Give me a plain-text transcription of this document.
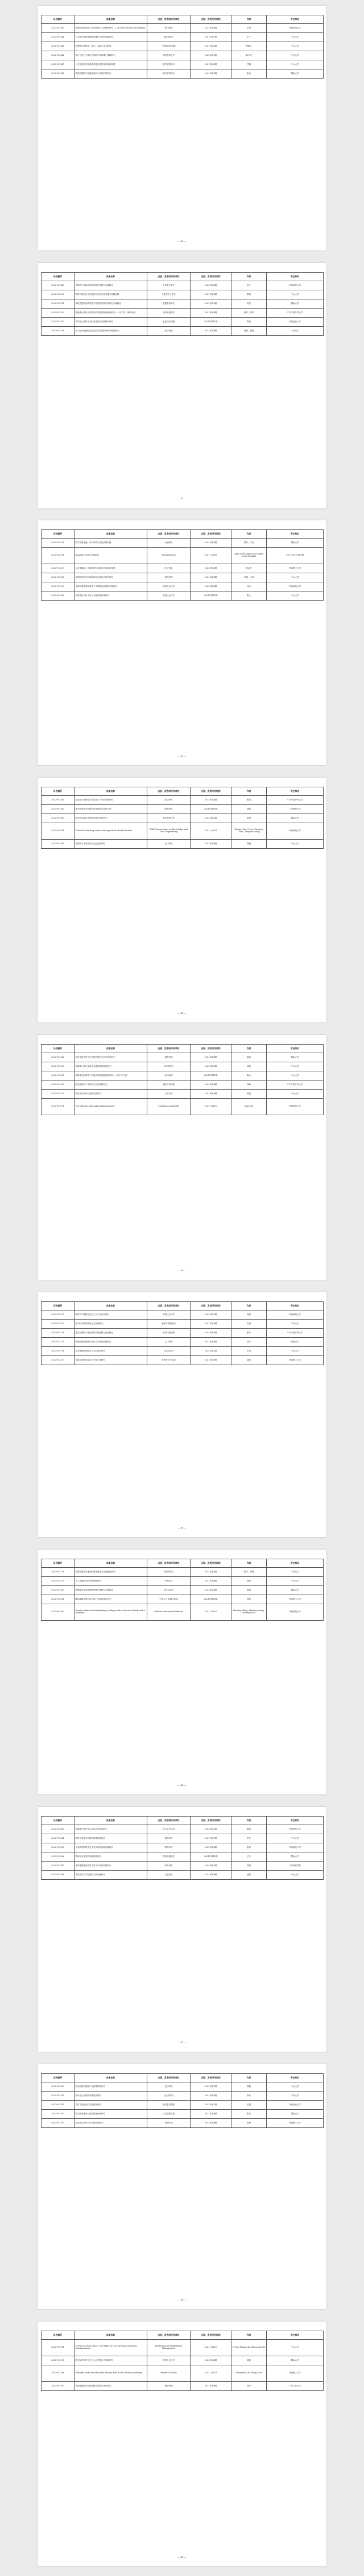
证书编号	成果名称	出版、发表或采用单位	出版、发表采用时间	作者	所在单位
2023-R-1343	我国原国家出版工作的演进与本质特征研究——基于历史学和社会学的双重视角	现代情报	2021年第4期	王珍	华南师范大学
2023-R-1344	公共图书馆资源配置均衡化与服务效能研究	图书馆论坛	2021年第7期	王宁	中山大学
2023-R-1345	智慧图书馆建设：理念、实践与未来展望	中国图书馆学报	2021年第3期	程焕文	中山大学
2023-R-1346	用户信息行为视角下的数字阅读推广策略研究	情报资料工作	2022年第1期	陈少华	广州大学
2023-R-1347	公共文化服务体系高质量发展的评价指标构建	图书情报知识	2021年第5期	甘露	中山大学
2023-R-1348	我国古籍数字化建设现状与发展对策研究	图书馆学研究	2021年第2期	张伟	暨南大学
— 40 —
证书编号	成果名称	出版、发表或采用单位	出版、发表采用时间	作者	所在单位
2023-R-1349	中国共产党政治建设的理论逻辑与实践路径	中共党史研究	2022年第3期	李立	华南师范大学
2023-R-1350	新时代基层社会治理现代化的价值意蕴与实践进路	马克思主义研究	2021年第6期	陈明	中山大学
2023-R-1351	高校思想政治教育数字化转型的现实困境与突破路径	思想教育研究	2022年第2期	刘洪	暨南大学
2023-R-1352	粤港澳大湾区城市群协同发展的制度创新研究——以广州、深圳为例	城市发展研究	2021年第9期	周军，刘芳	广东外语外贸大学
2023-R-1353	乡村振兴战略下农村集体经济发展模式研究	农业经济问题	2021年第11期	陈建	华南农业大学
2023-R-1354	数字经济赋能制造业高质量发展的机制与路径研究	经济管理	2022年第4期	林静，黄磊	广州大学
— 41 —
证书编号	成果名称	出版、发表或采用单位	出版、发表采用时间	作者	所在单位
2023-R-1355	数字普惠金融、收入结构与居民消费升级	金融研究	2021年第7期	郑东，马红	暨南大学
2023-R-1356	Quantile Factor Models	Econometrica	2021, vol.89	Liang Chen, Juan Jose Dolado, Jesus Gonzalo	北京大学汇丰商学院
2023-R-1357	企业家精神、营商环境与区域经济高质量发展	经济学家	2022年第2期	黄志华	华南理工大学
2023-R-1358	中国城市群空间结构演化及其经济效应研究	管理世界	2021年第8期	李强，王丽	中山大学
2023-R-1359	全球价值链重构背景下中国制造业转型升级研究	中国工业经济	2022年第5期	何宏	华南师范大学
2023-R-1360	共同富裕目标下收入分配制度改革研究	中国社会科学	2021年第12期	陈文	中山大学
— 42 —
证书编号	成果名称	出版、发表或采用单位	出版、发表采用时间	作者	所在单位
2023-R-1361	企业数字化转型对全要素生产率的影响研究	经济研究	2022年第3期	张明	广东外语外贸大学
2023-R-1362	地方政府债务风险的形成机理与防范对策	财政研究	2021年第10期	刘刚	广东财经大学
2023-R-1363	数字技术驱动下的商业模式创新研究	南开管理评论	2022年第1期	黄涛	暨南大学
2023-R-1364	Toward Predicting Active Participants in Tweet Streams	IEEE Transactions on Knowledge and Data Engineering	2021, vol.33	Xiaohui Wu, Yi Liu, Tianlong Chen, Zhiyuan Chang	华南师范大学
2023-R-1365	中国资本市场开放与企业创新研究	会计研究	2022年第6期	陈鹏	中山大学
— 43 —
证书编号	成果名称	出版、发表或采用单位	出版、发表采用时间	作者	所在单位
2023-R-1366	城市更新背景下历史街区保护与活化利用研究	城市规划	2021年第6期	谢涛	暨南大学
2023-R-1367	粤港澳大湾区创新生态系统建设路径研究	科学学研究	2022年第2期	杨帆	广州大学
2023-R-1368	高质量发展背景下区域协调发展新机制研究——以广东为例	经济地理	2021年第11期	陈云	中山大学
2023-R-1369	新发展格局下中国对外开放战略研究	国际贸易问题	2022年第4期	林峰	广东外语外贸大学
2023-R-1370	岭南文化传承与创新发展研究	文学评论	2021年第5期	黄艳	中山大学
2023-R-1371	The Chinese Shop and Criminal Justice	Caribbean Quarterly	2021, Vol.67	Jing Sun	华南师范大学
— 44 —
证书编号	成果名称	出版、发表或采用单位	出版、发表采用时间	作者	所在单位
2023-R-1372	新时代中国特色社会主义文化自信研究	中国社会科学	2022年第1期	周强	华南师范大学
2023-R-1373	数字时代网络舆论生态治理研究	新闻与传播研究	2021年第8期	吴勇	广州大学
2023-R-1374	基层治理数字化转型的实践逻辑与优化路径	中国行政管理	2022年第3期	张华	广东外语外贸大学
2023-R-1375	新型城镇化进程中农民工市民化问题研究	人口研究	2021年第4期	刘洋	暨南大学
2023-R-1376	社会保障制度改革与共同富裕研究	社会学研究	2022年第2期	王涛	中山大学
2023-R-1377	全球治理体系变革与中国方案研究	世界经济与政治	2021年第9期	赵刚	华南理工大学
— 45 —
证书编号	成果名称	出版、发表或采用单位	出版、发表采用时间	作者	所在单位
2023-R-1378	我国智慧城市建设的政策演进与实践创新研究	中国软科学	2022年第5期	张伟，李娜	广州大学
2023-R-1379	人工智能时代的法律规制研究	中国法学	2021年第6期	孙强	中山大学
2023-R-1380	数据要素市场化配置的理论逻辑与实践路径	经济学动态	2022年第4期	黄俊	暨南大学
2023-R-1381	碳达峰碳中和目标下的产业结构优化研究	中国人口·资源与环境	2021年第10期	何明	华南理工大学
2023-R-1382	Chinese character handwriting: A large-scale behavioral study and a database	Behavior Research Methods	2021, Vol.53	Ruiming Wang, Shuting Huang, Yacong Zhou	华南师范大学
— 46 —
证书编号	成果名称	出版、发表或采用单位	出版、发表采用时间	作者	所在单位
2023-R-1383	粤港澳大湾区语言生活状况调查研究	语言文字应用	2022年第1期	陈丽	华南师范大学
2023-R-1384	新时代高校劳动教育体系构建研究	教育研究	2021年第7期	李华	广州大学
2023-R-1385	义务教育阶段学生学业负担的影响因素研究	教育研究	2022年第3期	张敏	华南师范大学
2023-R-1386	教师专业发展共同体建设研究	教育发展研究	2021年第12期	王芳	暨南大学
2023-R-1387	体育强国建设背景下青少年体育发展研究	体育科学	2022年第2期	刘强	广州体育学院
2023-R-1388	中国古代文学经典的当代传播研究	文艺研究	2021年第8期	赵静	中山大学
— 47 —
证书编号	成果名称	出版、发表或采用单位	出版、发表采用时间	作者	所在单位
2023-R-1389	新发展阶段我国产业政策转型研究	经济研究	2022年第7期	黄磊	中山大学
2023-R-1390	城市社区治理共同体建设研究	社会学研究	2021年第3期	李伟	广州大学
2023-R-1391	乡村文化振兴的实践路径研究	中国农村观察	2022年第1期	王磊	华南农业大学
2023-R-1392	数字政府建设与政务服务创新研究	公共管理学报	2021年第4期	张杰	暨南大学
2023-R-1393	企业社会责任与可持续发展研究	管理评论	2022年第6期	陈晨	华南理工大学
— 48 —
证书编号	成果名称	出版、发表或采用单位	出版、发表采用时间	作者	所在单位
2023-R-1394	To Pool or Not to Pool? The Effect of Loss Aversion on Queue Configurations	Production and Operations Management	2021, Vol.30	Yi Shi, Shuang Li, Mingcong Wu	中山大学
2023-R-1395	数字经济背景下平台企业垄断行为规制研究	中国工业经济	2022年第8期	刘敏	暨南大学
2023-R-1396	Platform strife and the value of user data in the software industry	Research Policy	2022, Vol.51	Chuanhua Xia, Hong Zhou	华南理工大学
2023-R-1397	我国创新驱动发展战略实施效果评价研究	科研管理	2021年第9期	周华	广东工业大学
— 49 —
